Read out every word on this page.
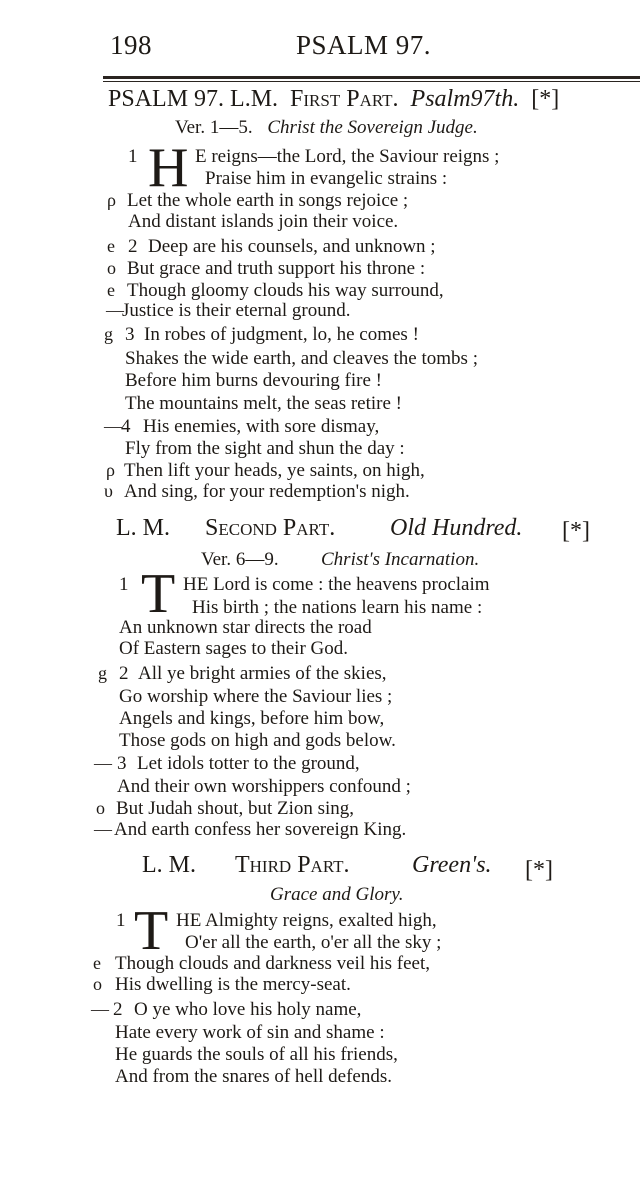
198	PSALM 97.
PSALM 97. L.M. First Part. Psalm97th. [*]
Ver. 1—5. Christ the Sovereign Judge.
1 H E reigns—the Lord, the Saviour reigns ;
Praise him in evangelic strains :
ρ Let the whole earth in songs rejoice ;
And distant islands join their voice.
e 2 Deep are his counsels, and unknown ;
o But grace and truth support his throne :
e Though gloomy clouds his way surround,
—
Justice is their eternal ground.
g 3 In robes of judgment, lo, he comes !
Shakes the wide earth, and cleaves the tombs ;
Before him burns devouring fire !
The mountains melt, the seas retire !
— 4 His enemies, with sore dismay,
Fly from the sight and shun the day :
ρ Then lift your heads, ye saints, on high,
υ And sing, for your redemption's nigh.
L. M. Second Part. Old Hundred. [*]
Ver. 6—9. Christ's Incarnation.
1 T HE Lord is come : the heavens proclaim
His birth ; the nations learn his name :
An unknown star directs the road
Of Eastern sages to their God.
g 2 All ye bright armies of the skies,
Go worship where the Saviour lies ;
Angels and kings, before him bow,
Those gods on high and gods below.
— 3 Let idols totter to the ground,
And their own worshippers confound ;
o But Judah shout, but Zion sing,
— And earth confess her sovereign King.
L. M. Third Part.	Green's. [*]
Grace and Glory.
1 T HE Almighty reigns, exalted high,
O'er all the earth, o'er all the sky ;
e Though clouds and darkness veil his feet,
o His dwelling is the mercy-seat.
— 2 O ye who love his holy name,
Hate every work of sin and shame :
He guards the souls of all his friends,
And from the snares of hell defends.
